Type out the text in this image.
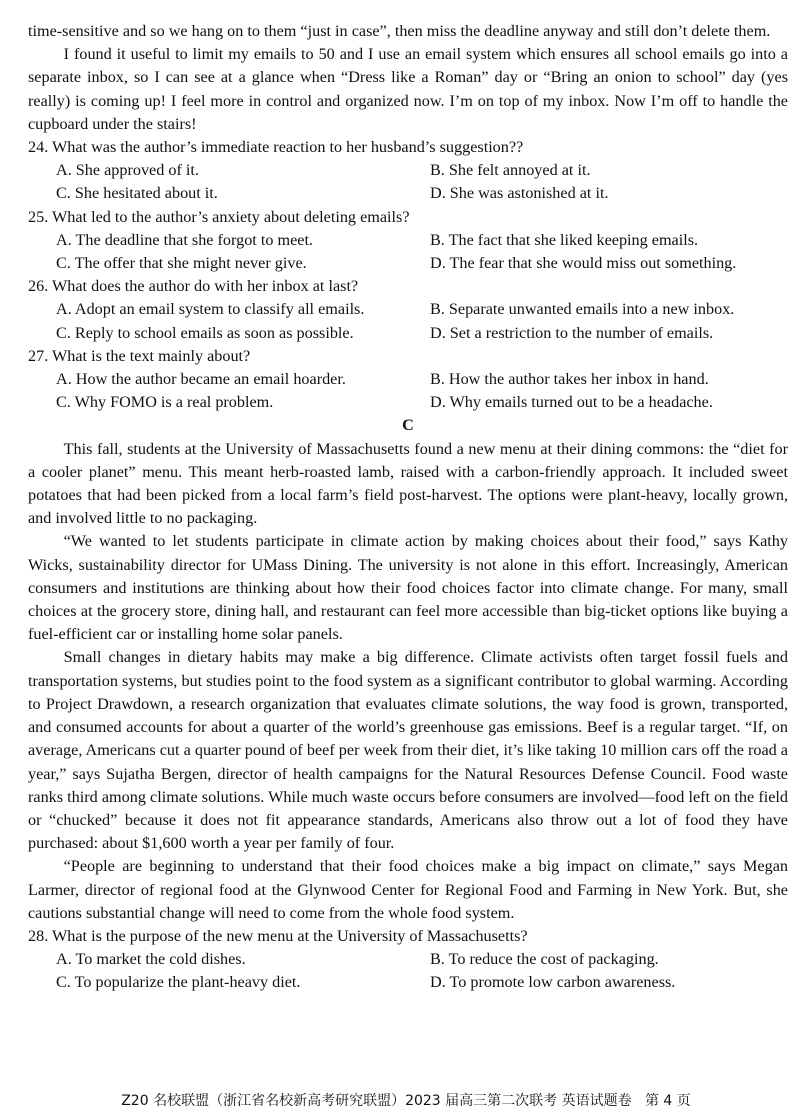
time-sensitive and so we hang on to them “just in case”, then miss the deadline anyway and still don’t delete them.

I found it useful to limit my emails to 50 and I use an email system which ensures all school emails go into a separate inbox, so I can see at a glance when “Dress like a Roman” day or “Bring an onion to school” day (yes really) is coming up! I feel more in control and organized now. I’m on top of my inbox. Now I’m off to handle the cupboard under the stairs!

24. What was the author’s immediate reaction to her husband’s suggestion??

A. She approved of it.	B. She felt annoyed at it.
C. She hesitated about it.	D. She was astonished at it.

25. What led to the author’s anxiety about deleting emails?

A. The deadline that she forgot to meet.	B. The fact that she liked keeping emails.
C. The offer that she might never give.	D. The fear that she would miss out something.

26. What does the author do with her inbox at last?

A. Adopt an email system to classify all emails.	B. Separate unwanted emails into a new inbox.
C. Reply to school emails as soon as possible.	D. Set a restriction to the number of emails.

27. What is the text mainly about?

A. How the author became an email hoarder.	B. How the author takes her inbox in hand.
C. Why FOMO is a real problem.	D. Why emails turned out to be a headache.

C

This fall, students at the University of Massachusetts found a new menu at their dining commons: the “diet for a cooler planet” menu. This meant herb-roasted lamb, raised with a carbon-friendly approach. It included sweet potatoes that had been picked from a local farm’s field post-harvest. The options were plant-heavy, locally grown, and involved little to no packaging.

“We wanted to let students participate in climate action by making choices about their food,” says Kathy Wicks, sustainability director for UMass Dining. The university is not alone in this effort. Increasingly, American consumers and institutions are thinking about how their food choices factor into climate change. For many, small choices at the grocery store, dining hall, and restaurant can feel more accessible than big-ticket options like buying a fuel-efficient car or installing home solar panels.

Small changes in dietary habits may make a big difference. Climate activists often target fossil fuels and transportation systems, but studies point to the food system as a significant contributor to global warming. According to Project Drawdown, a research organization that evaluates climate solutions, the way food is grown, transported, and consumed accounts for about a quarter of the world’s greenhouse gas emissions. Beef is a regular target. “If, on average, Americans cut a quarter pound of beef per week from their diet, it’s like taking 10 million cars off the road a year,” says Sujatha Bergen, director of health campaigns for the Natural Resources Defense Council. Food waste ranks third among climate solutions. While much waste occurs before consumers are involved—food left on the field or “chucked” because it does not fit appearance standards, Americans also throw out a lot of food they have purchased: about $1,600 worth a year per family of four.

“People are beginning to understand that their food choices make a big impact on climate,” says Megan Larmer, director of regional food at the Glynwood Center for Regional Food and Farming in New York. But, she cautions substantial change will need to come from the whole food system.

28. What is the purpose of the new menu at the University of Massachusetts?

A. To market the cold dishes.	B. To reduce the cost of packaging.
C. To popularize the plant-heavy diet.	D. To promote low carbon awareness.
Z20 名校联盟（浙江省名校新高考研究联盟）2023 届高三第二次联考 英语试题卷 第 4 页
